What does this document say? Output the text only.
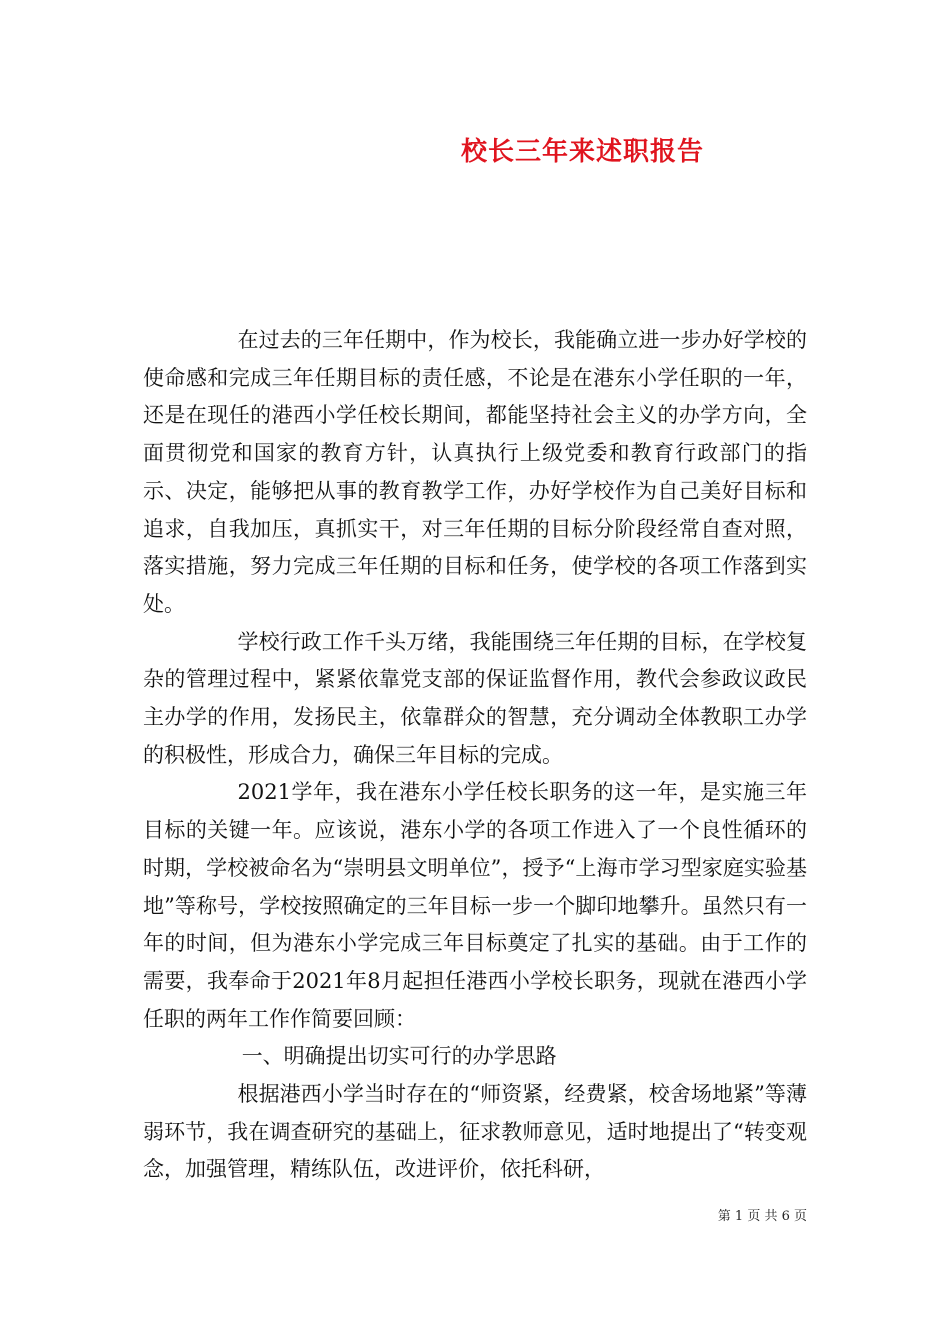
校长三年来述职报告

在过去的三年任期中，作为校长，我能确立进一步办好学校的使命感和完成三年任期目标的责任感，不论是在港东小学任职的一年，还是在现任的港西小学任校长期间，都能坚持社会主义的办学方向，全面贯彻党和国家的教育方针，认真执行上级党委和教育行政部门的指示、决定，能够把从事的教育教学工作，办好学校作为自己美好目标和追求，自我加压，真抓实干，对三年任期的目标分阶段经常自查对照，落实措施，努力完成三年任期的目标和任务，使学校的各项工作落到实处。

学校行政工作千头万绪，我能围绕三年任期的目标，在学校复杂的管理过程中，紧紧依靠党支部的保证监督作用，教代会参政议政民主办学的作用，发扬民主，依靠群众的智慧，充分调动全体教职工办学的积极性，形成合力，确保三年目标的完成。

2021学年，我在港东小学任校长职务的这一年，是实施三年目标的关键一年。应该说，港东小学的各项工作进入了一个良性循环的时期，学校被命名为“崇明县文明单位”，授予“上海市学习型家庭实验基地”等称号，学校按照确定的三年目标一步一个脚印地攀升。虽然只有一年的时间，但为港东小学完成三年目标奠定了扎实的基础。由于工作的需要，我奉命于2021年8月起担任港西小学校长职务，现就在港西小学任职的两年工作作简要回顾：

一、明确提出切实可行的办学思路

根据港西小学当时存在的“师资紧，经费紧，校舍场地紧”等薄弱环节，我在调查研究的基础上，征求教师意见，适时地提出了“转变观念，加强管理，精练队伍，改进评价，依托科研，

第 1 页 共 6 页
